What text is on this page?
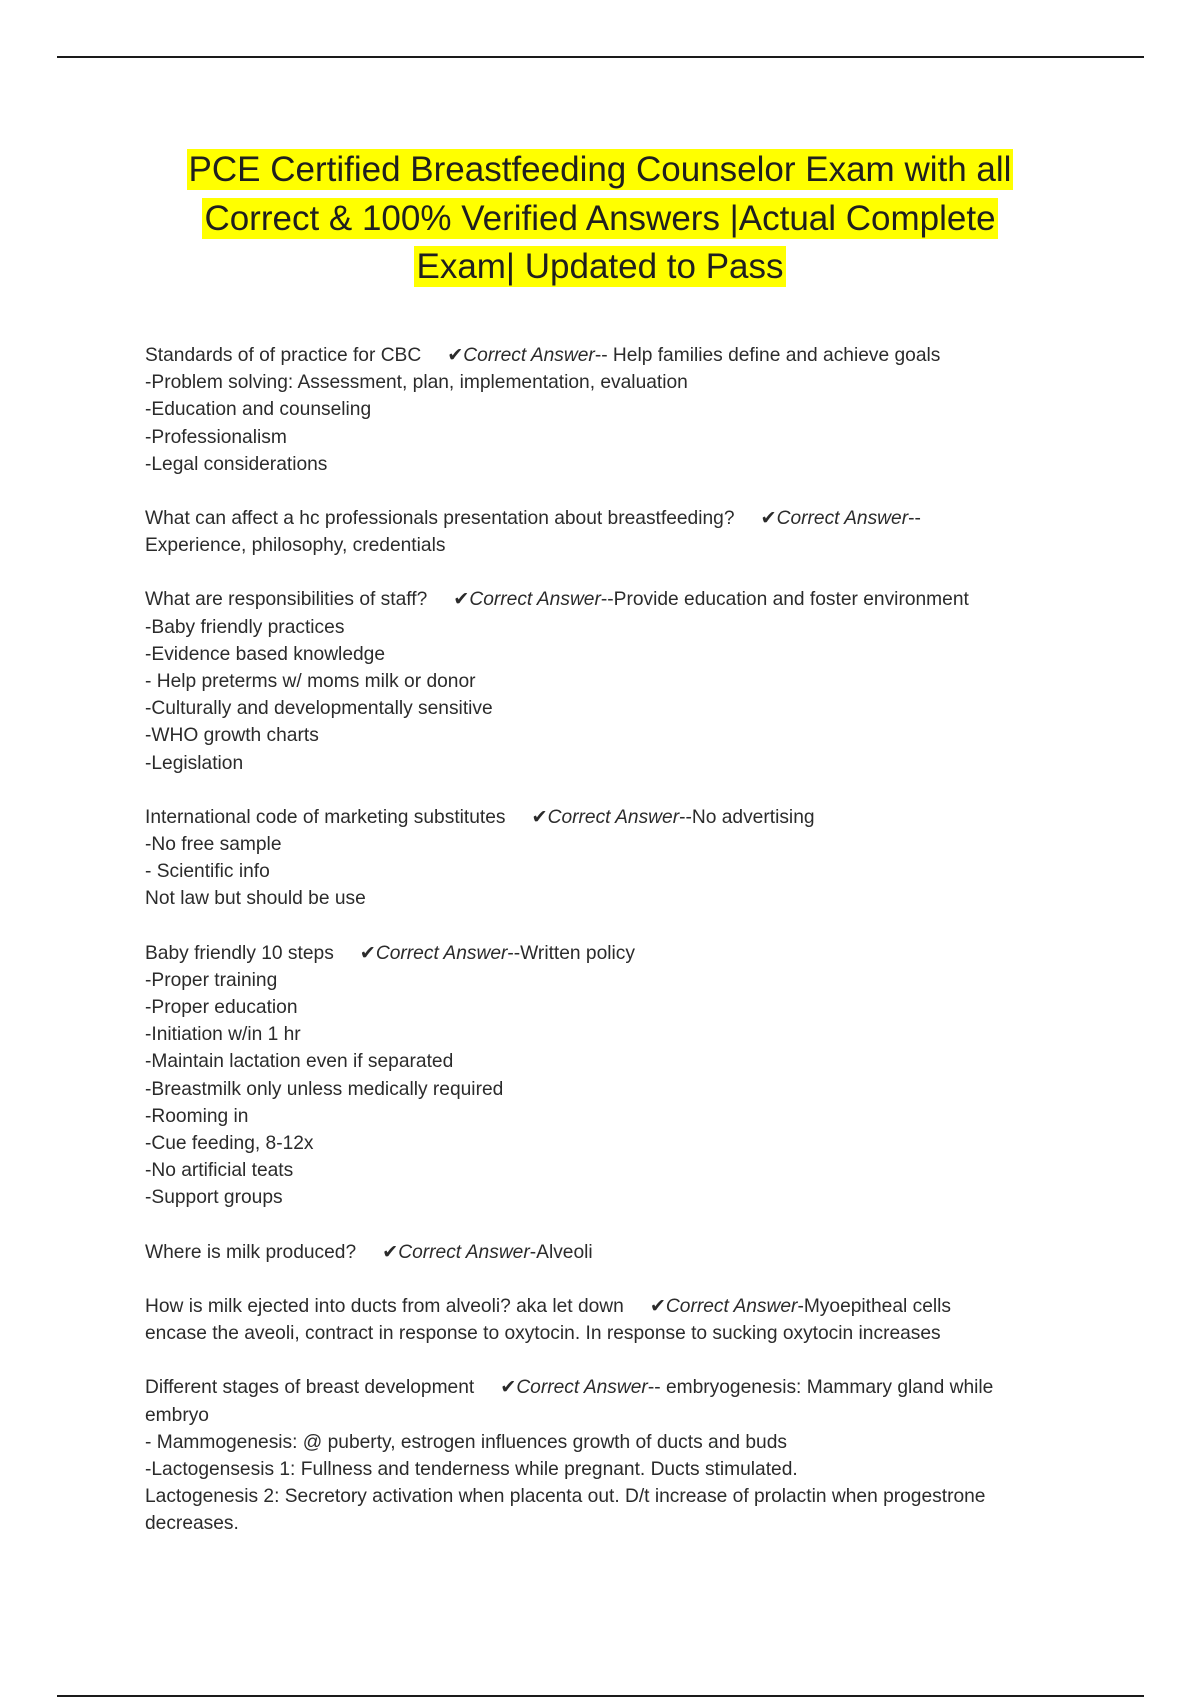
PCE Certified Breastfeeding Counselor Exam with all
Correct & 100% Verified Answers |Actual Complete
Exam| Updated to Pass
Standards of of practice for CBC ✔Correct Answer-- Help families define and achieve goals
-Problem solving: Assessment, plan, implementation, evaluation
-Education and counseling
-Professionalism
-Legal considerations
What can affect a hc professionals presentation about breastfeeding? ✔Correct Answer--
Experience, philosophy, credentials
What are responsibilities of staff? ✔Correct Answer--Provide education and foster environment
-Baby friendly practices
-Evidence based knowledge
- Help preterms w/ moms milk or donor
-Culturally and developmentally sensitive
-WHO growth charts
-Legislation
International code of marketing substitutes ✔Correct Answer--No advertising
-No free sample
- Scientific info
Not law but should be use
Baby friendly 10 steps ✔Correct Answer--Written policy
-Proper training
-Proper education
-Initiation w/in 1 hr
-Maintain lactation even if separated
-Breastmilk only unless medically required
-Rooming in
-Cue feeding, 8-12x
-No artificial teats
-Support groups
Where is milk produced? ✔Correct Answer-Alveoli
How is milk ejected into ducts from alveoli? aka let down ✔Correct Answer-Myoepitheal cells
encase the aveoli, contract in response to oxytocin. In response to sucking oxytocin increases
Different stages of breast development ✔Correct Answer-- embryogenesis: Mammary gland while
embryo
- Mammogenesis: @ puberty, estrogen influences growth of ducts and buds
-Lactogensesis 1: Fullness and tenderness while pregnant. Ducts stimulated.
Lactogenesis 2: Secretory activation when placenta out. D/t increase of prolactin when progestrone
decreases.
